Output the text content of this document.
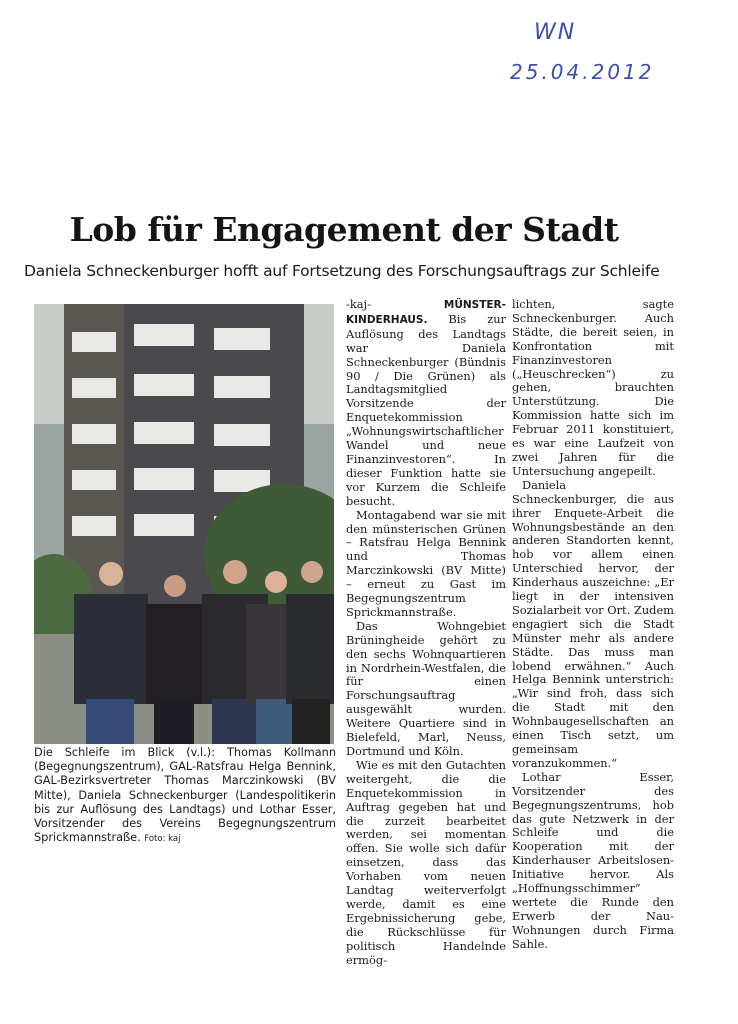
WN
25.04.2012
Lob für Engagement der Stadt

Daniela Schneckenburger hofft auf Fortsetzung des Forschungsauftrags zur Schleife

Die Schleife im Blick (v.l.): Thomas Kollmann (Begegnungszentrum), GAL-Ratsfrau Helga Bennink, GAL-Bezirksvertreter Thomas Marczinkowski (BV Mitte), Daniela Schneckenburger (Landespolitikerin bis zur Auflösung des Landtags) und Lothar Esser, Vorsitzender des Vereins Begegnungszentrum Sprickmannstraße. Foto: kaj

-kaj-	MÜNSTER-KINDERHAUS. Bis zur Auflösung des Landtags war Daniela Schneckenburger (Bündnis 90 / Die Grünen) als Landtagsmitglied Vorsitzende der Enquetekommission „Wohnungswirtschaftlicher Wandel und neue Finanzinvestoren“. In dieser Funktion hatte sie vor Kurzem die Schleife besucht.

Montagabend war sie mit den münsterischen Grünen – Ratsfrau Helga Bennink und Thomas Marczinkowski (BV Mitte) – erneut zu Gast im Begegnungszentrum Sprickmannstraße.

Das Wohngebiet Brüningheide gehört zu den sechs Wohnquartieren in Nordrhein-Westfalen, die für einen Forschungsauftrag ausgewählt wurden. Weitere Quartiere sind in Bielefeld, Marl, Neuss, Dortmund und Köln.

Wie es mit den Gutachten weitergeht, die die Enquetekommission in Auftrag gegeben hat und die zurzeit bearbeitet werden, sei momentan offen. Sie wolle sich dafür einsetzen, dass das Vorhaben vom neuen Landtag weiterverfolgt werde, damit es eine Ergebnissicherung gebe, die Rückschlüsse für politisch Handelnde ermög-

lichten, sagte Schneckenburger. Auch Städte, die bereit seien, in Konfrontation mit Finanzinvestoren („Heuschrecken“) zu gehen, brauchten Unterstützung. Die Kommission hatte sich im Februar 2011 konstituiert, es war eine Laufzeit von zwei Jahren für die Untersuchung angepeilt.

Daniela Schneckenburger, die aus ihrer Enquete-Arbeit die Wohnungsbestände an den anderen Standorten kennt, hob vor allem einen Unterschied hervor, der Kinderhaus auszeichne: „Er liegt in der intensiven Sozialarbeit vor Ort. Zudem engagiert sich die Stadt Münster mehr als andere Städte. Das muss man lobend erwähnen.“ Auch Helga Bennink unterstrich: „Wir sind froh, dass sich die Stadt mit den Wohnbaugesellschaften an einen Tisch setzt, um gemeinsam voranzukommen.“

Lothar Esser, Vorsitzender des Begegnungszentrums, hob das gute Netzwerk in der Schleife und die Kooperation mit der Kinderhauser Arbeitslosen-Initiative hervor. Als „Hoffnungsschimmer“ wertete die Runde den Erwerb der Nau-Wohnungen durch Firma Sahle.
